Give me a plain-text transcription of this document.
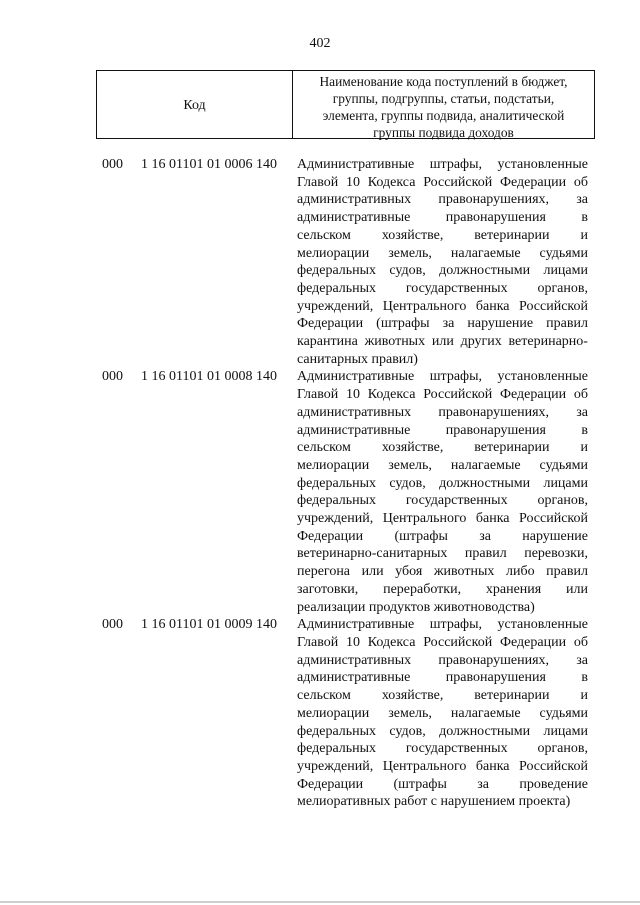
402
Код
Наименование кода поступлений в бюджет,
группы, подгруппы, статьи, подстатьи,
элемента, группы подвида, аналитической
группы подвида доходов
000 1 16 01101 01 0006 140 Административные штрафы, установленные
Главой 10 Кодекса Российской Федерации об
административных правонарушениях, за
административные	правонарушения	в
сельском хозяйстве, ветеринарии и
мелиорации земель, налагаемые судьями
федеральных судов, должностными лицами
федеральных государственных органов,
учреждений, Центрального банка Российской
Федерации (штрафы за нарушение правил
карантина животных или других ветеринарно-
санитарных правил)
000 1 16 01101 01 0008 140 Административные штрафы, установленные
Главой 10 Кодекса Российской Федерации об
административных правонарушениях, за
административные	правонарушения	в
сельском хозяйстве, ветеринарии и
мелиорации земель, налагаемые судьями
федеральных судов, должностными лицами
федеральных государственных органов,
учреждений, Центрального банка Российской
Федерации (штрафы за нарушение
ветеринарно-санитарных правил перевозки,
перегона или убоя животных либо правил
заготовки, переработки, хранения или
реализации продуктов животноводства)
000 1 16 01101 01 0009 140 Административные штрафы, установленные
Главой 10 Кодекса Российской Федерации об
административных правонарушениях, за
административные	правонарушения	в
сельском хозяйстве, ветеринарии и
мелиорации земель, налагаемые судьями
федеральных судов, должностными лицами
федеральных государственных органов,
учреждений, Центрального банка Российской
Федерации (штрафы за проведение
мелиоративных работ с нарушением проекта)
